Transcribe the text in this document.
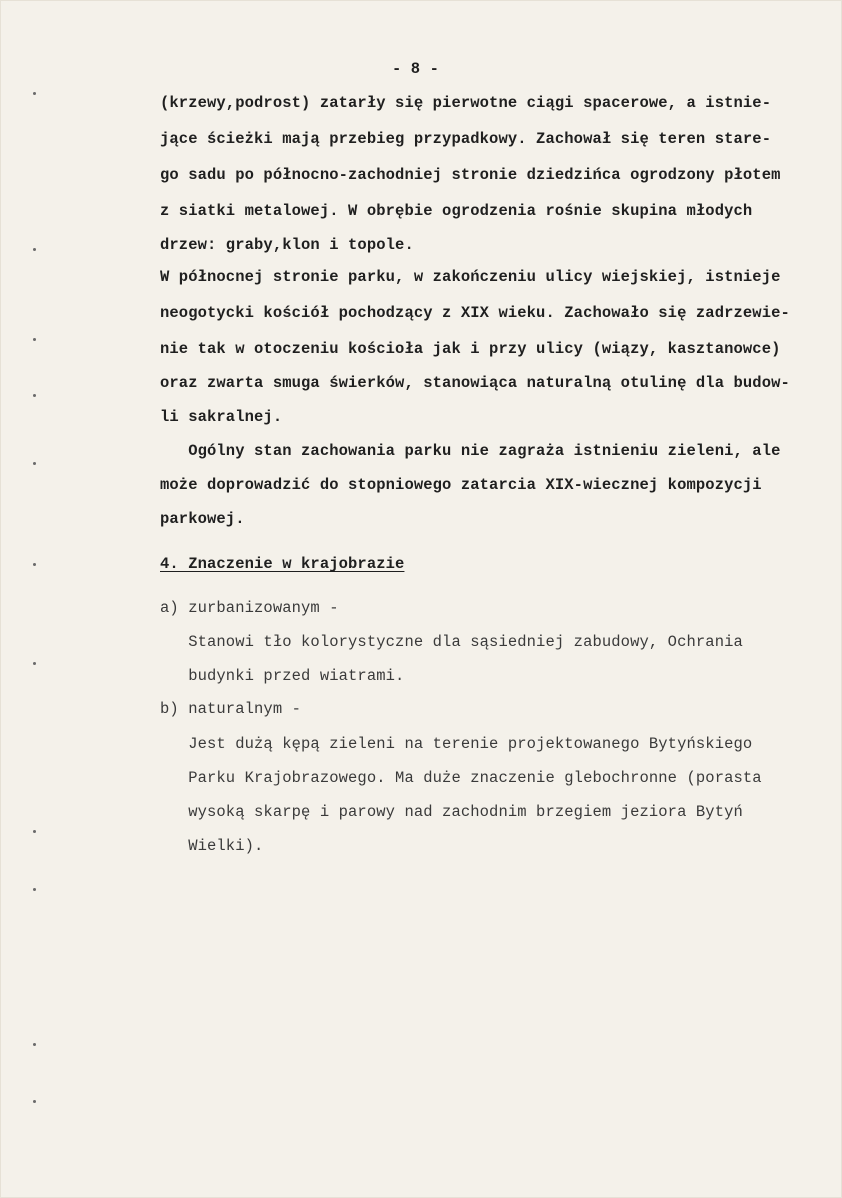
- 8 -
(krzewy,podrost) zatarły się pierwotne ciągi spacerowe, a istnie-
jące ścieżki mają przebieg przypadkowy. Zachował się teren stare-
go sadu po północno-zachodniej stronie dziedzińca ogrodzony płotem
z siatki metalowej. W obrębie ogrodzenia rośnie skupina młodych
drzew: graby,klon i topole.
W północnej stronie parku, w zakończeniu ulicy wiejskiej, istnieje
neogotycki kościół pochodzący z XIX wieku. Zachowało się zadrzewie-
nie tak w otoczeniu kościoła jak i przy ulicy (wiązy, kasztanowce)
oraz zwarta smuga świerków, stanowiąca naturalną otulinę dla budow-
li sakralnej.
Ogólny stan zachowania parku nie zagraża istnieniu zieleni, ale
może doprowadzić do stopniowego zatarcia XIX-wiecznej kompozycji
parkowej.
4. Znaczenie w krajobrazie
a) zurbanizowanym -
Stanowi tło kolorystyczne dla sąsiedniej zabudowy, Ochrania
budynki przed wiatrami.
b) naturalnym -
Jest dużą kępą zieleni na terenie projektowanego Bytyńskiego
Parku Krajobrazowego. Ma duże znaczenie glebochronne (porasta
wysoką skarpę i parowy nad zachodnim brzegiem jeziora Bytyń
Wielki).
